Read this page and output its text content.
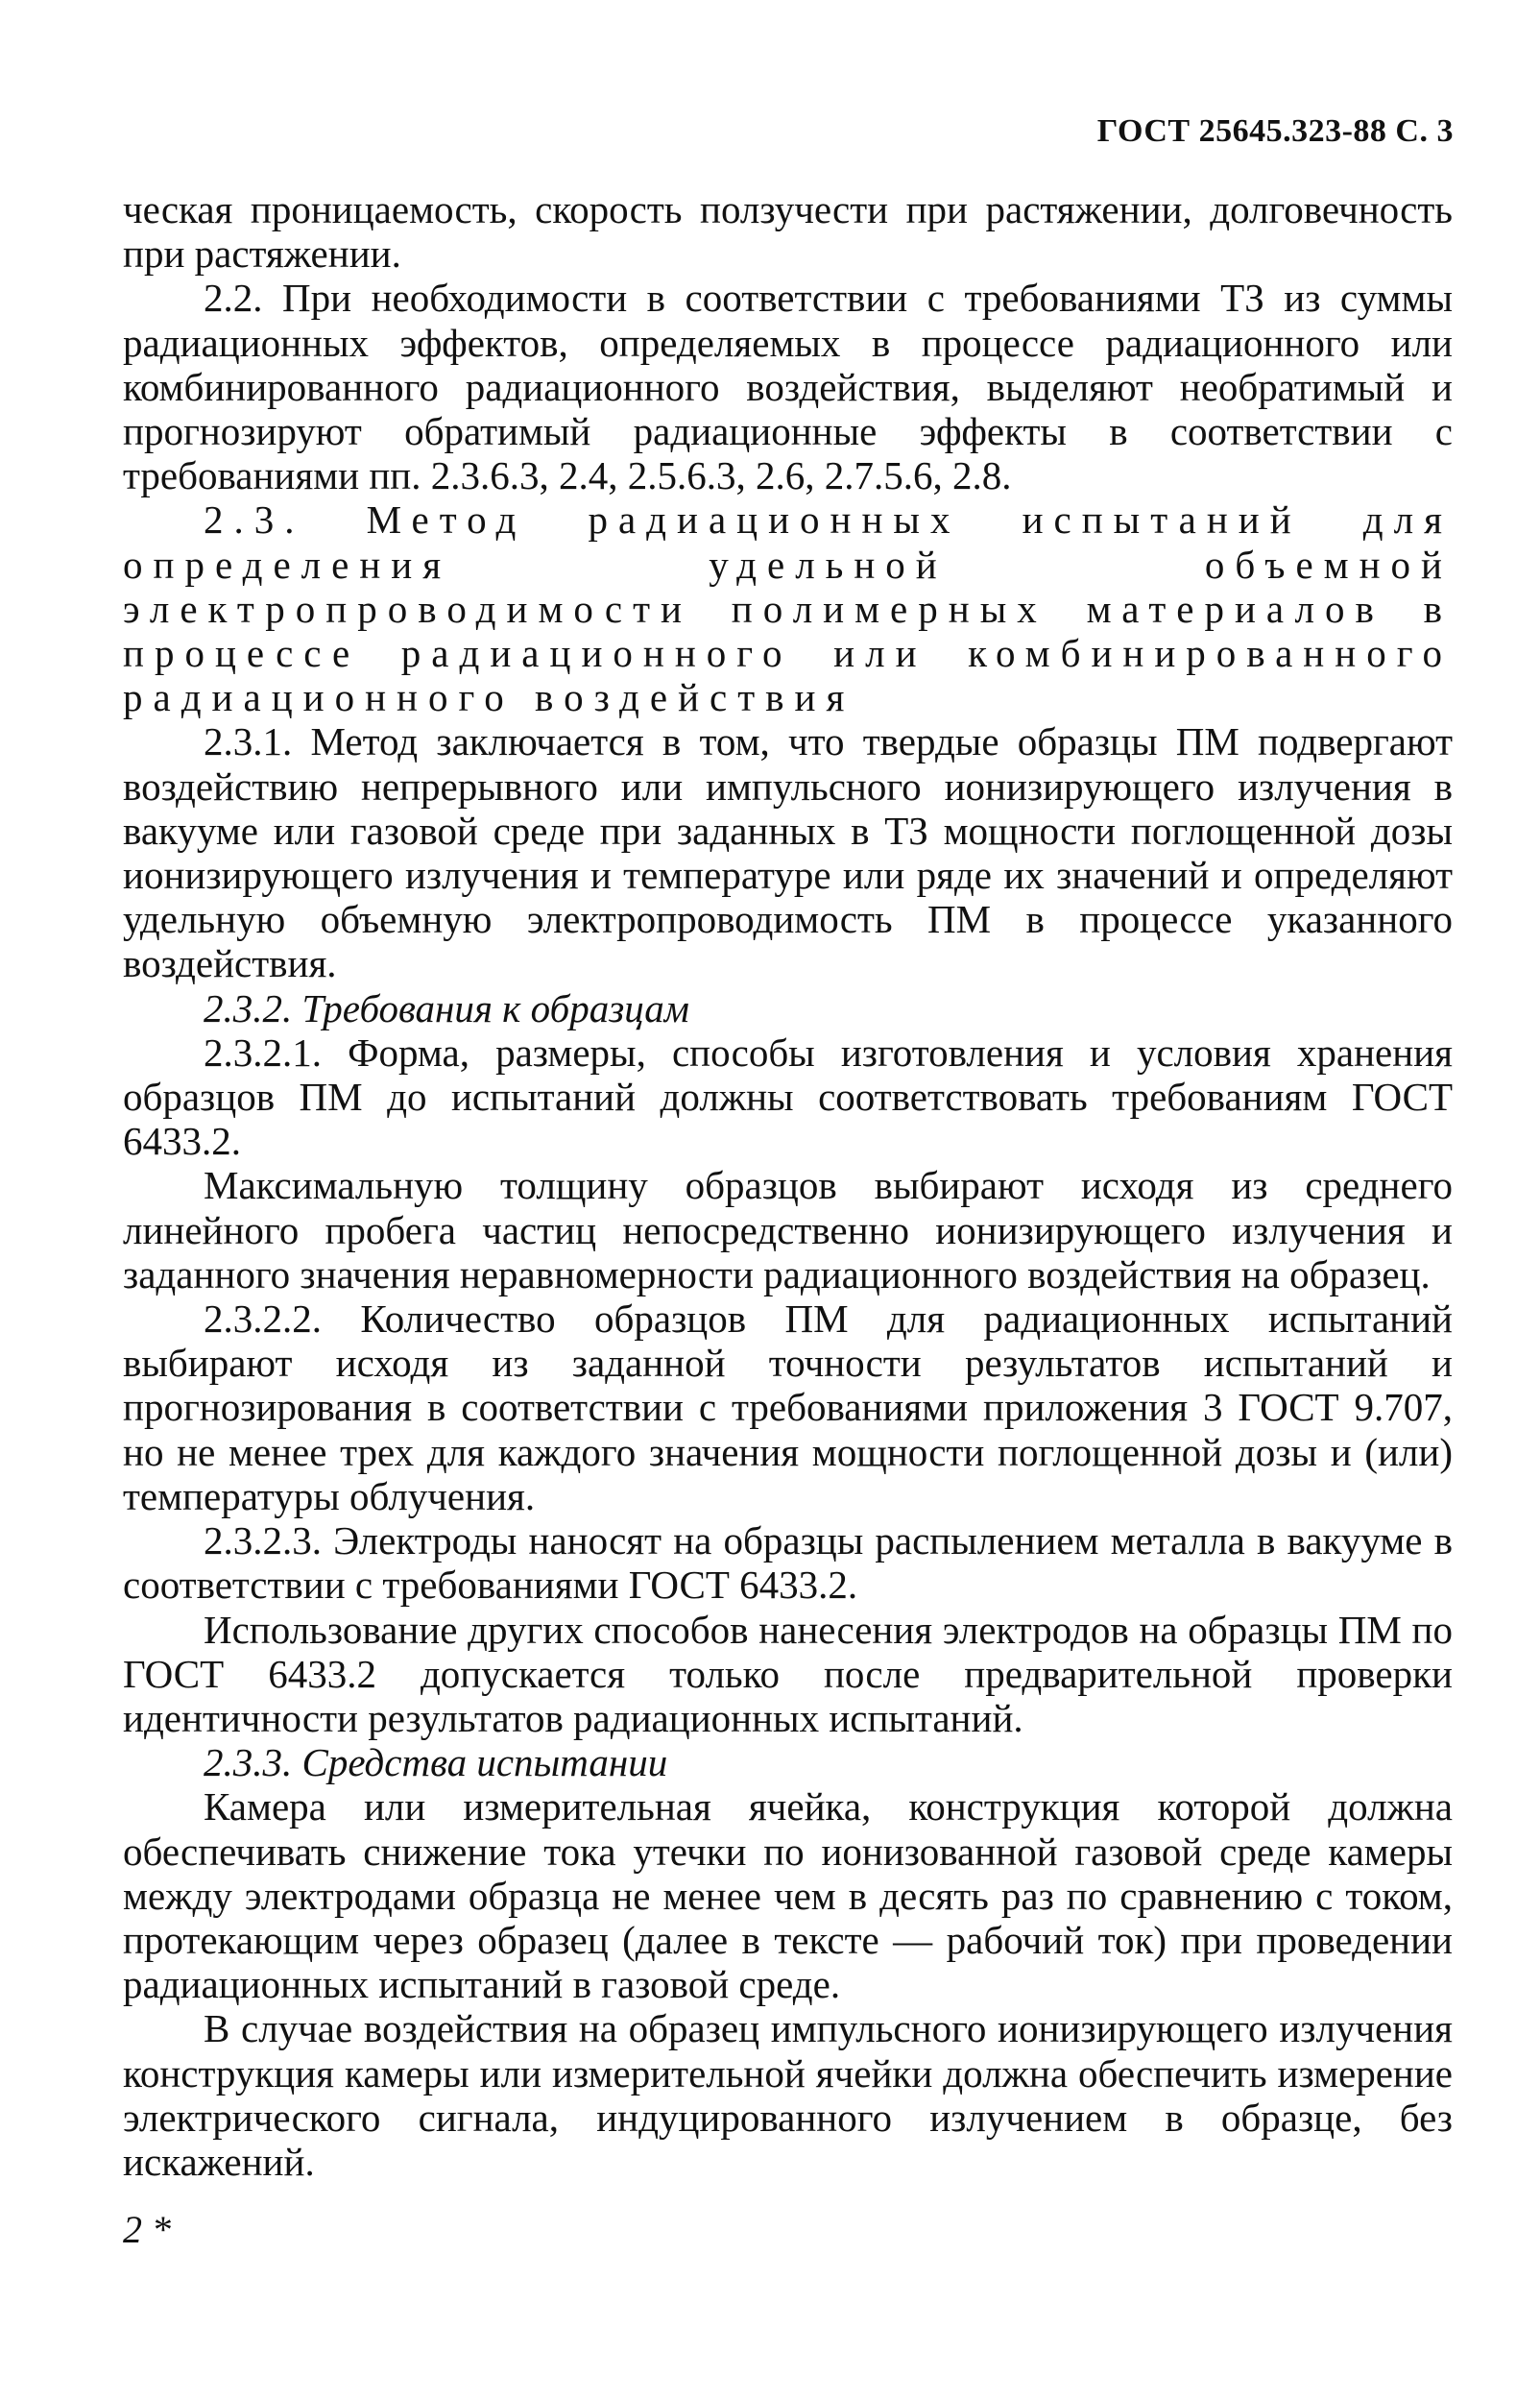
ГОСТ 25645.323-88 С. 3

ческая проницаемость, скорость ползучести при растяжении, долговечность при растяжении.

2.2. При необходимости в соответствии с требованиями ТЗ из суммы радиационных эффектов, определяемых в процессе радиационного или комбинированного радиационного воздействия, выделяют необратимый и прогнозируют обратимый радиационные эффекты в соответствии с требованиями пп. 2.3.6.3, 2.4, 2.5.6.3, 2.6, 2.7.5.6, 2.8.

2.3. Метод радиационных испытаний для определения удельной объемной электропроводимости полимерных материалов в процессе радиационного или комбинированного радиационного воздействия

2.3.1. Метод заключается в том, что твердые образцы ПМ подвергают воздействию непрерывного или импульсного ионизирующего излучения в вакууме или газовой среде при заданных в ТЗ мощности поглощенной дозы ионизирующего излучения и температуре или ряде их значений и определяют удельную объемную электропроводимость ПМ в процессе указанного воздействия.

2.3.2. Требования к образцам

2.3.2.1. Форма, размеры, способы изготовления и условия хранения образцов ПМ до испытаний должны соответствовать требованиям ГОСТ 6433.2.

Максимальную толщину образцов выбирают исходя из среднего линейного пробега частиц непосредственно ионизирующего излучения и заданного значения неравномерности радиационного воздействия на образец.

2.3.2.2. Количество образцов ПМ для радиационных испытаний выбирают исходя из заданной точности результатов испытаний и прогнозирования в соответствии с требованиями приложения 3 ГОСТ 9.707, но не менее трех для каждого значения мощности поглощенной дозы и (или) температуры облучения.

2.3.2.3. Электроды наносят на образцы распылением металла в вакууме в соответствии с требованиями ГОСТ 6433.2.

Использование других способов нанесения электродов на образцы ПМ по ГОСТ 6433.2 допускается только после предварительной проверки идентичности результатов радиационных испытаний.

2.3.3. Средства испытании

Камера или измерительная ячейка, конструкция которой должна обеспечивать снижение тока утечки по ионизованной газовой среде камеры между электродами образца не менее чем в десять раз по сравнению с током, протекающим через образец (далее в тексте — рабочий ток) при проведении радиационных испытаний в газовой среде.

В случае воздействия на образец импульсного ионизирующего излучения конструкция камеры или измерительной ячейки должна обеспечить измерение электрического сигнала, индуцированного излучением в образце, без искажений.

2 *
